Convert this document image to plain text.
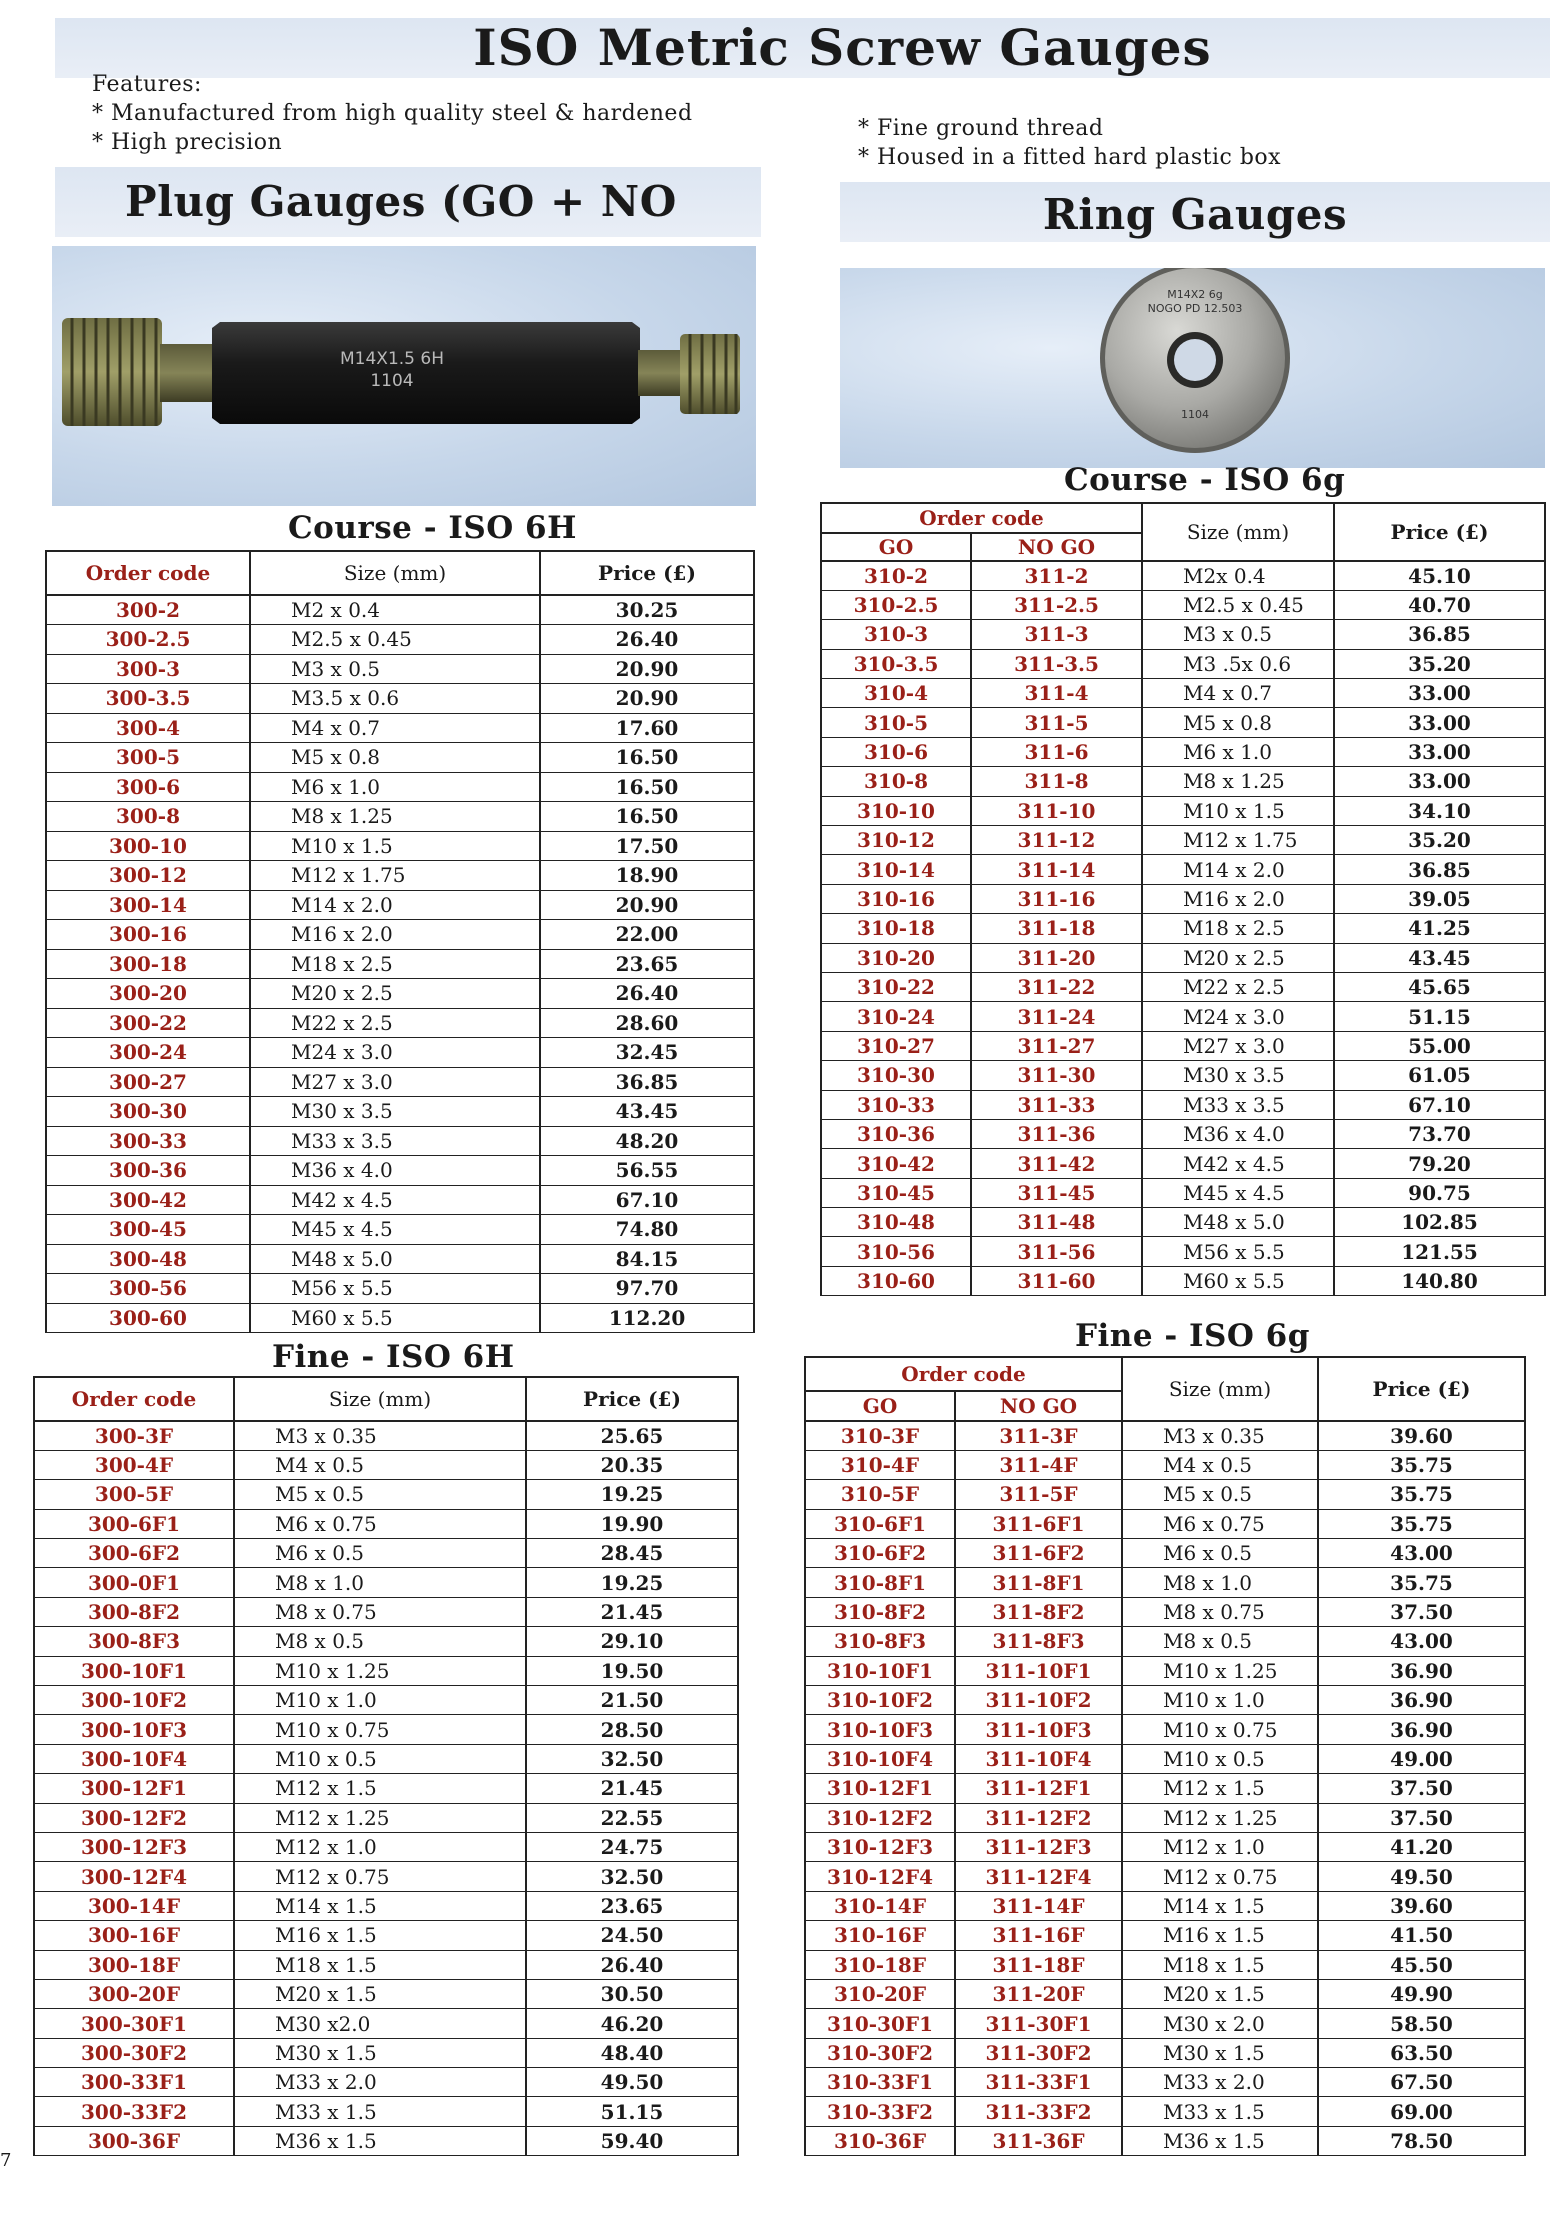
ISO Metric Screw Gauges
Features:
* Manufactured from high quality steel & hardened
* High precision
* Fine ground thread
* Housed in a fitted hard plastic box
Plug Gauges (GO + NO	Ring Gauges
M14X1.5 6H
1104
M14X2 6g
NOGO PD 12.503
1104
Course - ISO 6H
Fine - ISO 6H
Course - ISO 6g
Fine - ISO 6g
Order code	Size (mm)	Price (£)
300-2	M2 x 0.4	30.25
300-2.5	M2.5 x 0.45	26.40
300-3	M3 x 0.5	20.90
300-3.5	M3.5 x 0.6	20.90
300-4	M4 x 0.7	17.60
300-5	M5 x 0.8	16.50
300-6	M6 x 1.0	16.50
300-8	M8 x 1.25	16.50
300-10	M10 x 1.5	17.50
300-12	M12 x 1.75	18.90
300-14	M14 x 2.0	20.90
300-16	M16 x 2.0	22.00
300-18	M18 x 2.5	23.65
300-20	M20 x 2.5	26.40
300-22	M22 x 2.5	28.60
300-24	M24 x 3.0	32.45
300-27	M27 x 3.0	36.85
300-30	M30 x 3.5	43.45
300-33	M33 x 3.5	48.20
300-36	M36 x 4.0	56.55
300-42	M42 x 4.5	67.10
300-45	M45 x 4.5	74.80
300-48	M48 x 5.0	84.15
300-56	M56 x 5.5	97.70
300-60	M60 x 5.5	112.20
Order code	Size (mm)	Price (£)
300-3F	M3 x 0.35	25.65
300-4F	M4 x 0.5	20.35
300-5F	M5 x 0.5	19.25
300-6F1	M6 x 0.75	19.90
300-6F2	M6 x 0.5	28.45
300-0F1	M8 x 1.0	19.25
300-8F2	M8 x 0.75	21.45
300-8F3	M8 x 0.5	29.10
300-10F1	M10 x 1.25	19.50
300-10F2	M10 x 1.0	21.50
300-10F3	M10 x 0.75	28.50
300-10F4	M10 x 0.5	32.50
300-12F1	M12 x 1.5	21.45
300-12F2	M12 x 1.25	22.55
300-12F3	M12 x 1.0	24.75
300-12F4	M12 x 0.75	32.50
300-14F	M14 x 1.5	23.65
300-16F	M16 x 1.5	24.50
300-18F	M18 x 1.5	26.40
300-20F	M20 x 1.5	30.50
300-30F1	M30 x2.0	46.20
300-30F2	M30 x 1.5	48.40
300-33F1	M33 x 2.0	49.50
300-33F2	M33 x 1.5	51.15
300-36F	M36 x 1.5	59.40
Order code		Size (mm)	Price (£)
GO	NO GO		
310-2	311-2	M2x 0.4	45.10
310-2.5	311-2.5	M2.5 x 0.45	40.70
310-3	311-3	M3 x 0.5	36.85
310-3.5	311-3.5	M3 .5x 0.6	35.20
310-4	311-4	M4 x 0.7	33.00
310-5	311-5	M5 x 0.8	33.00
310-6	311-6	M6 x 1.0	33.00
310-8	311-8	M8 x 1.25	33.00
310-10	311-10	M10 x 1.5	34.10
310-12	311-12	M12 x 1.75	35.20
310-14	311-14	M14 x 2.0	36.85
310-16	311-16	M16 x 2.0	39.05
310-18	311-18	M18 x 2.5	41.25
310-20	311-20	M20 x 2.5	43.45
310-22	311-22	M22 x 2.5	45.65
310-24	311-24	M24 x 3.0	51.15
310-27	311-27	M27 x 3.0	55.00
310-30	311-30	M30 x 3.5	61.05
310-33	311-33	M33 x 3.5	67.10
310-36	311-36	M36 x 4.0	73.70
310-42	311-42	M42 x 4.5	79.20
310-45	311-45	M45 x 4.5	90.75
310-48	311-48	M48 x 5.0	102.85
310-56	311-56	M56 x 5.5	121.55
310-60	311-60	M60 x 5.5	140.80
Order code		Size (mm)	Price (£)
GO	NO GO		
310-3F	311-3F	M3 x 0.35	39.60
310-4F	311-4F	M4 x 0.5	35.75
310-5F	311-5F	M5 x 0.5	35.75
310-6F1	311-6F1	M6 x 0.75	35.75
310-6F2	311-6F2	M6 x 0.5	43.00
310-8F1	311-8F1	M8 x 1.0	35.75
310-8F2	311-8F2	M8 x 0.75	37.50
310-8F3	311-8F3	M8 x 0.5	43.00
310-10F1	311-10F1	M10 x 1.25	36.90
310-10F2	311-10F2	M10 x 1.0	36.90
310-10F3	311-10F3	M10 x 0.75	36.90
310-10F4	311-10F4	M10 x 0.5	49.00
310-12F1	311-12F1	M12 x 1.5	37.50
310-12F2	311-12F2	M12 x 1.25	37.50
310-12F3	311-12F3	M12 x 1.0	41.20
310-12F4	311-12F4	M12 x 0.75	49.50
310-14F	311-14F	M14 x 1.5	39.60
310-16F	311-16F	M16 x 1.5	41.50
310-18F	311-18F	M18 x 1.5	45.50
310-20F	311-20F	M20 x 1.5	49.90
310-30F1	311-30F1	M30 x 2.0	58.50
310-30F2	311-30F2	M30 x 1.5	63.50
310-33F1	311-33F1	M33 x 2.0	67.50
310-33F2	311-33F2	M33 x 1.5	69.00
310-36F	311-36F	M36 x 1.5	78.50
7
